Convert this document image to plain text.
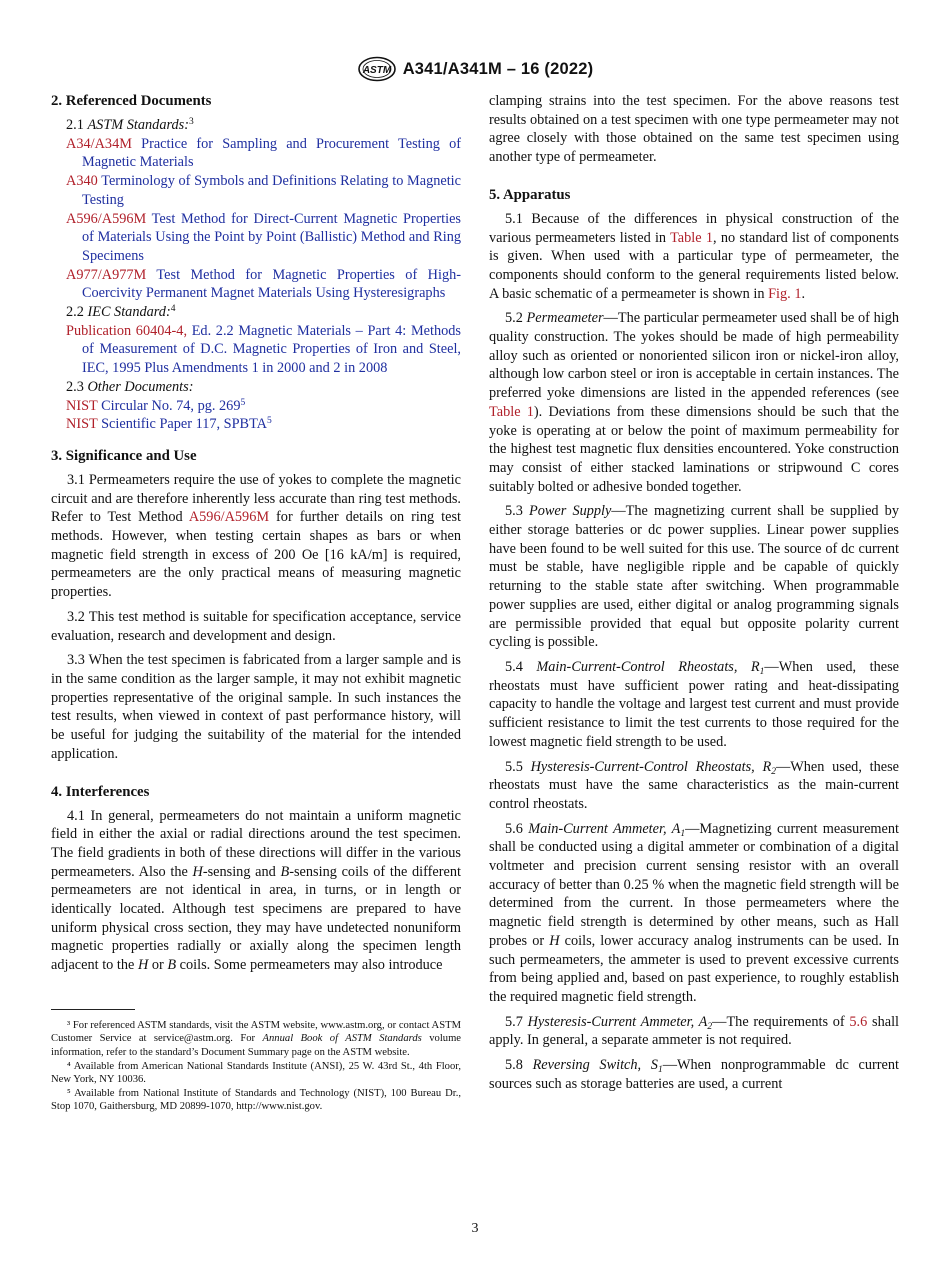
ASTM A341/A341M – 16 (2022)
2. Referenced Documents

2.1 ASTM Standards:$^3$

A34/A34M Practice for Sampling and Procurement Testing of Magnetic Materials

A340 Terminology of Symbols and Definitions Relating to Magnetic Testing

A596/A596M Test Method for Direct-Current Magnetic Properties of Materials Using the Point by Point (Ballistic) Method and Ring Specimens

A977/A977M Test Method for Magnetic Properties of High-Coercivity Permanent Magnet Materials Using Hysteresigraphs

2.2 IEC Standard:$^4$

Publication 60404-4, Ed. 2.2 Magnetic Materials – Part 4: Methods of Measurement of D.C. Magnetic Properties of Iron and Steel, IEC, 1995 Plus Amendments 1 in 2000 and 2 in 2008

2.3 Other Documents:

NIST Circular No. 74, pg. $269^5$

NIST Scientific Paper 117, SPBTA$^5$

3. Significance and Use

3.1 Permeameters require the use of yokes to complete the magnetic circuit and are therefore inherently less accurate than ring test methods. Refer to Test Method A596/A596M for further details on ring test methods. However, when testing certain shapes as bars or when magnetic field strength in excess of 200 Oe [16 kA/m] is required, permeameters are the only practical means of measuring magnetic properties.

3.2 This test method is suitable for specification acceptance, service evaluation, research and development and design.

3.3 When the test specimen is fabricated from a larger sample and is in the same condition as the larger sample, it may not exhibit magnetic properties representative of the original sample. In such instances the test results, when viewed in context of past performance history, will be useful for judging the suitability of the material for the intended application.

4. Interferences

4.1 In general, permeameters do not maintain a uniform magnetic field in either the axial or radial directions around the test specimen. The field gradients in both of these directions will differ in the various permeameters. Also the H-sensing and B-sensing coils of the different permeameters are not identical in area, in turns, or in length or identically located. Although test specimens are prepared to have uniform physical cross section, they may have undetected nonuniform magnetic properties radially or axially along the specimen length adjacent to the H or B coils. Some permeameters may also introduce

³ For referenced ASTM standards, visit the ASTM website, www.astm.org, or contact ASTM Customer Service at service@astm.org. For Annual Book of ASTM Standards volume information, refer to the standard’s Document Summary page on the ASTM website.

⁴ Available from American National Standards Institute (ANSI), 25 W. 43rd St., 4th Floor, New York, NY 10036.

⁵ Available from National Institute of Standards and Technology (NIST), 100 Bureau Dr., Stop 1070, Gaithersburg, MD 20899-1070, http://www.nist.gov.

clamping strains into the test specimen. For the above reasons test results obtained on a test specimen with one type permeameter may not agree closely with those obtained on the same test specimen using another type of permeameter.

5. Apparatus

5.1 Because of the differences in physical construction of the various permeameters listed in Table 1, no standard list of components is given. When used with a particular type of permeameter, the components should conform to the general requirements listed below. A basic schematic of a permeameter is shown in Fig. 1.

5.2 Permeameter—The particular permeameter used shall be of high quality construction. The yokes should be made of high permeability alloy such as oriented or nonoriented silicon iron or nickel-iron alloy, although low carbon steel or iron is acceptable in certain instances. The preferred yoke dimensions are listed in the appended references (see Table 1). Deviations from these dimensions should be such that the yoke is operating at or below the point of maximum permeability for the highest test magnetic flux densities encountered. Yoke construction may consist of either stacked laminations or stripwound C cores suitably bolted or adhesive bonded together.

5.3 Power Supply—The magnetizing current shall be supplied by either storage batteries or dc power supplies. Linear power supplies have been found to be well suited for this use. The source of dc current must be stable, have negligible ripple and be capable of quickly returning to the stable state after switching. When programmable power supplies are used, either digital or analog programming signals are permissible provided that equal but opposite polarity current cycling is possible.

5.4 Main-Current-Control Rheostats, $R_1—When$ used, these rheostats must have sufficient power rating and heat-dissipating capacity to handle the voltage and largest test current and must provide sufficient resistance to limit the test currents to those required for the lowest magnetic field strength to be used.

5.5 Hysteresis-Current-Control Rheostats, $R_2—When$ used, these rheostats must have the same characteristics as the main-current control rheostats.

5.6 Main-Current Ammeter, $A_1—Magnetizing$ current measurement shall be conducted using a digital ammeter or combination of a digital voltmeter and precision current sensing resistor with an overall accuracy of better than 0.25 % when the magnetic field strength will be determined from the current. In those permeameters where the magnetic field strength is determined by other means, such as Hall probes or H coils, lower accuracy analog instruments can be used. In such permeameters, the ammeter is used to prevent excessive currents from being applied and, based on past experience, to roughly establish the required magnetic field strength.

5.7 Hysteresis-Current Ammeter, $A_2—The$ requirements of 5.6 shall apply. In general, a separate ammeter is not required.

5.8 Reversing Switch, $S_1—When$ nonprogrammable dc current sources such as storage batteries are used, a current

3
